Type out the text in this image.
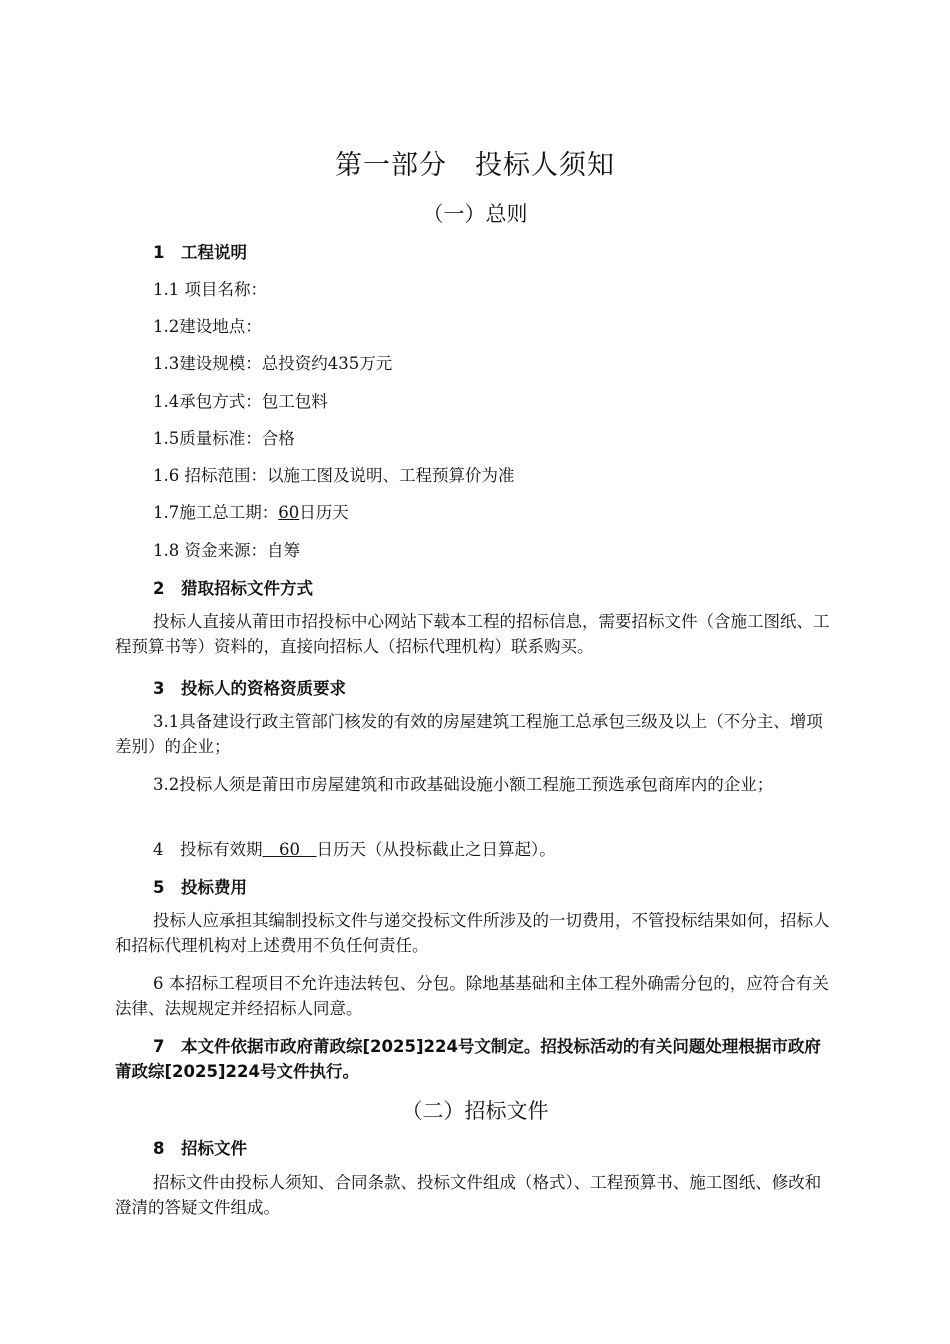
第一部分　投标人须知
（一）总则
1　工程说明
1.1 项目名称：
1.2建设地点：
1.3建设规模：总投资约435万元
1.4承包方式：包工包料
1.5质量标准：合格
1.6 招标范围：以施工图及说明、工程预算价为准
1.7施工总工期：60日历天
1.8 资金来源：自筹
2　猎取招标文件方式
投标人直接从莆田市招投标中心网站下载本工程的招标信息，需要招标文件（含施工图纸、工程预算书等）资料的，直接向招标人（招标代理机构）联系购买。
3　投标人的资格资质要求
3.1具备建设行政主管部门核发的有效的房屋建筑工程施工总承包三级及以上（不分主、增项差别）的企业；
3.2投标人须是莆田市房屋建筑和市政基础设施小额工程施工预选承包商库内的企业；
4　投标有效期　60　日历天（从投标截止之日算起）。
5　投标费用
投标人应承担其编制投标文件与递交投标文件所涉及的一切费用，不管投标结果如何，招标人和招标代理机构对上述费用不负任何责任。
6 本招标工程项目不允许违法转包、分包。除地基基础和主体工程外确需分包的，应符合有关法律、法规规定并经招标人同意。
7　本文件依据市政府莆政综[2025]224号文制定。招投标活动的有关问题处理根据市政府莆政综[2025]224号文件执行。
（二）招标文件
8　招标文件
招标文件由投标人须知、合同条款、投标文件组成（格式）、工程预算书、施工图纸、修改和澄清的答疑文件组成。
